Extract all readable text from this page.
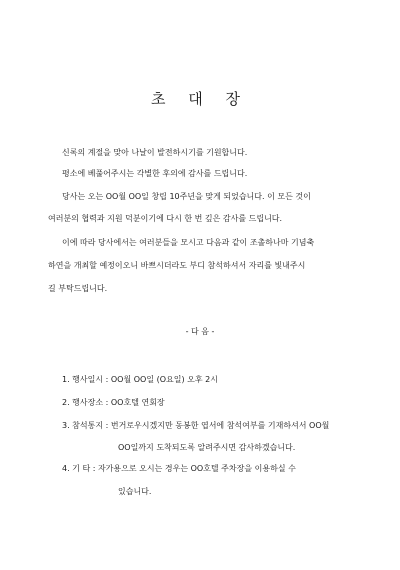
초 대 장
신록의 계절을 맞아 나날이 발전하시기를 기원합니다.
평소에 베풀어주시는 각별한 후의에 감사를 드립니다.
당사는 오는 OO월 OO일 창립 10주년을 맞게 되었습니다. 이 모든 것이
여러분의 협력과 지원 덕분이기에 다시 한 번 깊은 감사를 드립니다.
이에 따라 당사에서는 여러분들을 모시고 다음과 같이 조촐하나마 기념축
하연을 개최할 예정이오니 바쁘시더라도 부디 참석하셔서 자리를 빛내주시
길 부탁드립니다.
- 다 음 -
1. 행사일시 : OO월 OO일 (O요일) 오후 2시
2. 행사장소 : OO호텔 연회장
3. 참석통지 : 번거로우시겠지만 동봉한 엽서에 참석여부를 기재하셔서 OO월
OO일까지 도착되도록 알려주시면 감사하겠습니다.
4. 기 타 : 자가용으로 오시는 경우는 OO호텔 주차장을 이용하실 수
있습니다.
